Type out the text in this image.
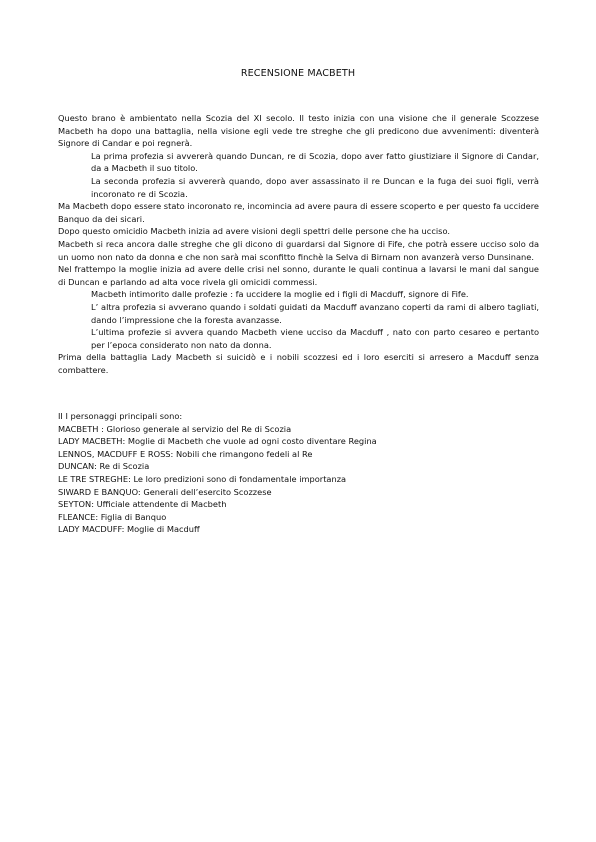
RECENSIONE MACBETH

Questo brano è ambientato nella Scozia del XI secolo. Il testo inizia con una visione che il generale Scozzese Macbeth ha dopo una battaglia, nella visione egli vede tre streghe che gli predicono due avvenimenti: diventerà Signore di Candar e poi regnerà.

La prima profezia si avvererà quando Duncan, re di Scozia, dopo aver fatto giustiziare il Signore di Candar, da a Macbeth il suo titolo.

La seconda profezia si avvererà quando, dopo aver assassinato il re Duncan e la fuga dei suoi figli, verrà incoronato re di Scozia.

Ma Macbeth dopo essere stato incoronato re, incomincia ad avere paura di essere scoperto e per questo fa uccidere Banquo da dei sicari.

Dopo questo omicidio Macbeth inizia ad avere visioni degli spettri delle persone che ha ucciso.

Macbeth si reca ancora dalle streghe che gli dicono di guardarsi dal Signore di Fife, che potrà essere ucciso solo da un uomo non nato da donna e che non sarà mai sconfitto finchè la Selva di Birnam non avanzerà verso Dunsinane.

Nel frattempo la moglie inizia ad avere delle crisi nel sonno, durante le quali continua a lavarsi le mani dal sangue di Duncan e parlando ad alta voce rivela gli omicidi commessi.

Macbeth intimorito dalle profezie : fa uccidere la moglie ed i figli di Macduff, signore di Fife.

L’ altra profezia si avverano quando i soldati guidati da Macduff avanzano coperti da rami di albero tagliati, dando l’impressione che la foresta avanzasse.

L’ultima profezie si avvera quando Macbeth viene ucciso da Macduff , nato con parto cesareo e pertanto per l’epoca considerato non nato da donna.

Prima della battaglia Lady Macbeth si suicidò e i nobili scozzesi ed i loro eserciti si arresero a Macduff senza combattere.

II I personaggi principali sono:
MACBETH : Glorioso generale al servizio del Re di Scozia
LADY MACBETH: Moglie di Macbeth che vuole ad ogni costo diventare Regina
LENNOS, MACDUFF E ROSS: Nobili che rimangono fedeli al Re
DUNCAN: Re di Scozia
LE TRE STREGHE: Le loro predizioni sono di fondamentale importanza
SIWARD E BANQUO: Generali dell’esercito Scozzese
SEYTON: Ufficiale attendente di Macbeth
FLEANCE: Figlia di Banquo
LADY MACDUFF: Moglie di Macduff
